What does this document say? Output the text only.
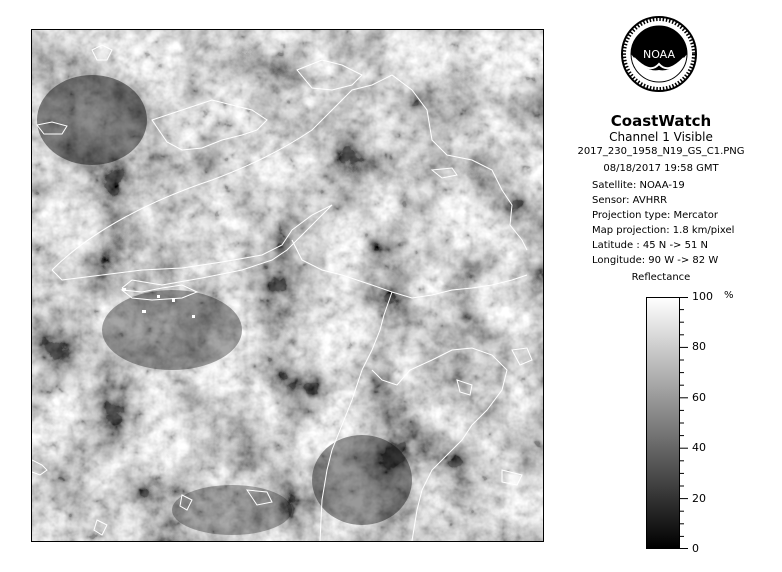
NOAA
CoastWatch
Channel 1 Visible
2017_230_1958_N19_GS_C1.PNG
08/18/2017 19:58 GMT
Satellite: NOAA-19
Sensor: AVHRR
Projection type: Mercator
Map projection: 1.8 km/pixel
Latitude : 45 N -> 51 N
Longitude: 90 W -> 82 W
Reflectance
100
80
60
40
20
0
%
